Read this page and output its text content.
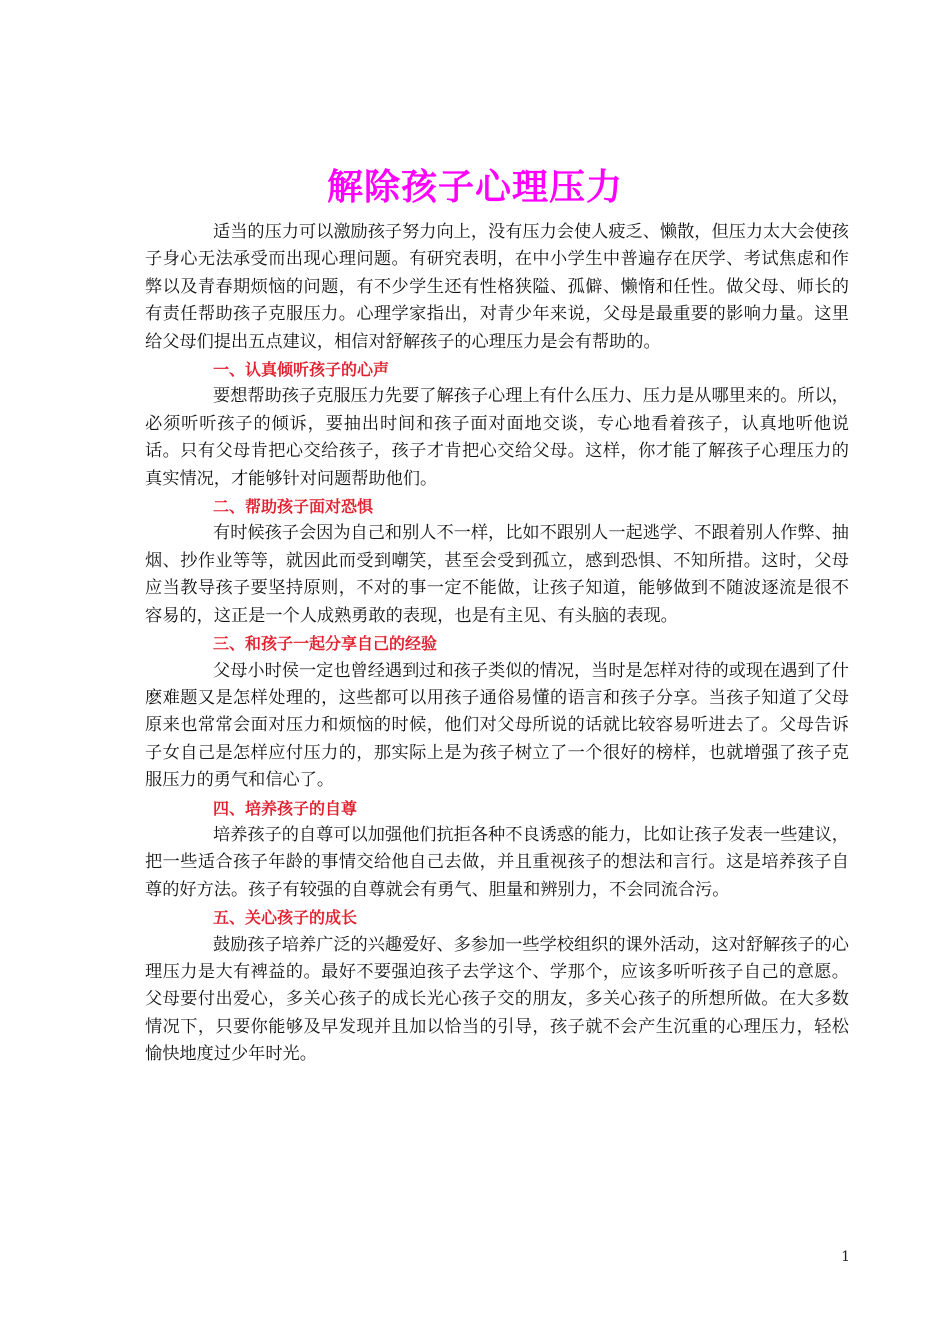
解除孩子心理压力

适当的压力可以激励孩子努力向上，没有压力会使人疲乏、懒散，但压力太大会使孩子身心无法承受而出现心理问题。有研究表明，在中小学生中普遍存在厌学、考试焦虑和作弊以及青春期烦恼的问题，有不少学生还有性格狭隘、孤僻、懒惰和任性。做父母、师长的有责任帮助孩子克服压力。心理学家指出，对青少年来说，父母是最重要的影响力量。这里给父母们提出五点建议，相信对舒解孩子的心理压力是会有帮助的。

一、认真倾听孩子的心声

要想帮助孩子克服压力先要了解孩子心理上有什么压力、压力是从哪里来的。所以，必须听听孩子的倾诉，要抽出时间和孩子面对面地交谈，专心地看着孩子，认真地听他说话。只有父母肯把心交给孩子，孩子才肯把心交给父母。这样，你才能了解孩子心理压力的真实情况，才能够针对问题帮助他们。

二、帮助孩子面对恐惧

有时候孩子会因为自己和别人不一样，比如不跟别人一起逃学、不跟着别人作弊、抽烟、抄作业等等，就因此而受到嘲笑，甚至会受到孤立，感到恐惧、不知所措。这时，父母应当教导孩子要坚持原则，不对的事一定不能做，让孩子知道，能够做到不随波逐流是很不容易的，这正是一个人成熟勇敢的表现，也是有主见、有头脑的表现。

三、和孩子一起分享自己的经验

父母小时侯一定也曾经遇到过和孩子类似的情况，当时是怎样对待的或现在遇到了什麽难题又是怎样处理的，这些都可以用孩子通俗易懂的语言和孩子分享。当孩子知道了父母原来也常常会面对压力和烦恼的时候，他们对父母所说的话就比较容易听进去了。父母告诉子女自己是怎样应付压力的，那实际上是为孩子树立了一个很好的榜样，也就增强了孩子克服压力的勇气和信心了。

四、培养孩子的自尊

培养孩子的自尊可以加强他们抗拒各种不良诱惑的能力，比如让孩子发表一些建议，把一些适合孩子年龄的事情交给他自己去做，并且重视孩子的想法和言行。这是培养孩子自尊的好方法。孩子有较强的自尊就会有勇气、胆量和辨别力，不会同流合污。

五、关心孩子的成长

鼓励孩子培养广泛的兴趣爱好、多参加一些学校组织的课外活动，这对舒解孩子的心理压力是大有裨益的。最好不要强迫孩子去学这个、学那个，应该多听听孩子自己的意愿。父母要付出爱心，多关心孩子的成长光心孩子交的朋友，多关心孩子的所想所做。在大多数情况下，只要你能够及早发现并且加以恰当的引导，孩子就不会产生沉重的心理压力，轻松愉快地度过少年时光。

1
